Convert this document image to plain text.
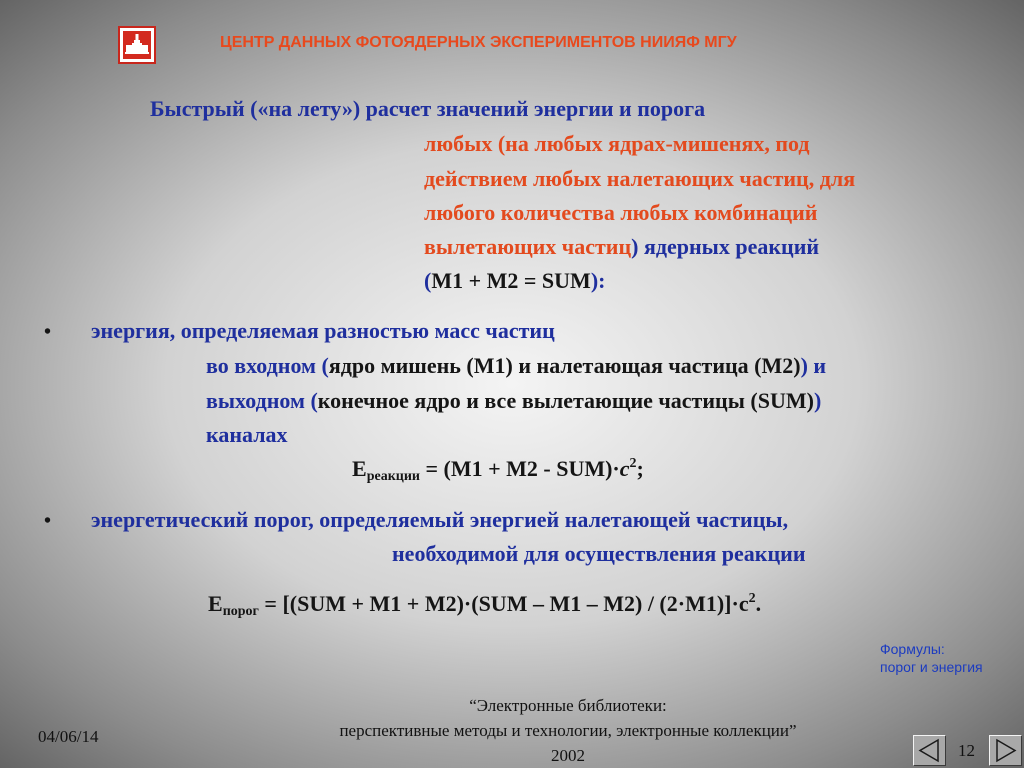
ЦЕНТР ДАННЫХ ФОТОЯДЕРНЫХ ЭКСПЕРИМЕНТОВ НИИЯФ МГУ
Быстрый («на лету») расчет значений энергии и порога
любых (на любых ядрах-мишенях, под
действием любых налетающих частиц, для
любого количества любых комбинаций
вылетающих частиц) ядерных реакций
(М1 + М2 = SUM):
• энергия, определяемая разностью масс частиц
во входном (ядро мишень (М1) и налетающая частица (М2)) и
выходном (конечное ядро и все вылетающие частицы (SUM))
каналах
$E_{реакции} = (М1 + М2 - SUM)\cdot с^2$;
• энергетический порог, определяемый энергией налетающей частицы,
необходимой для осуществления реакции
$E_{порог} = [(SUM + M1 + M2)\cdot(SUM - M1 - M2) / (2\cdot M1)]\cdot c^2$.
Формулы:
порог и энергия
04/06/14
“Электронные библиотеки:
перспективные методы и технологии, электронные коллекции”
2002	12
